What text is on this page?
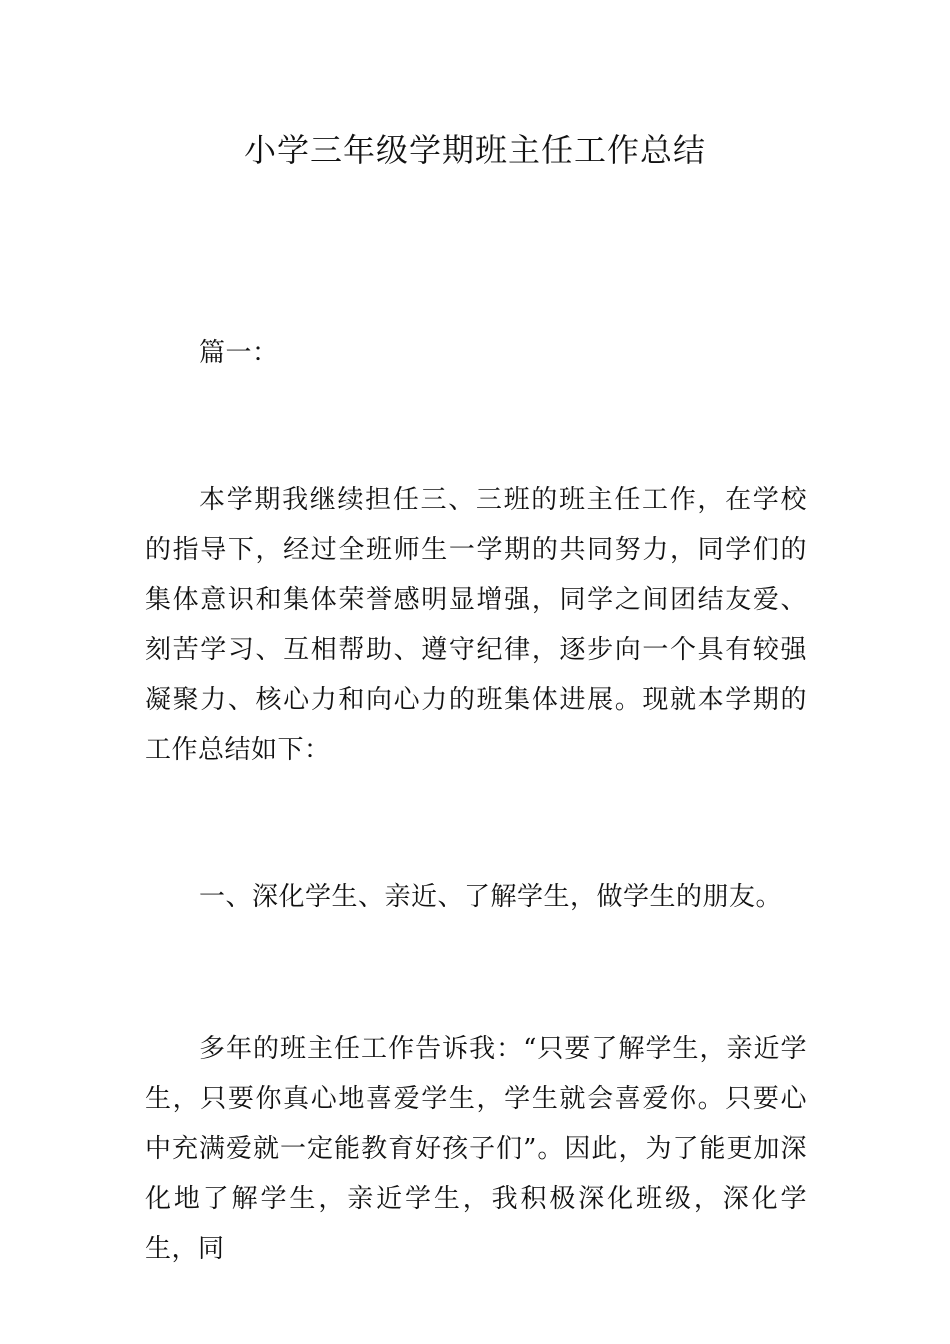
小学三年级学期班主任工作总结

篇一：

本学期我继续担任三、三班的班主任工作，在学校的指导下，经过全班师生一学期的共同努力，同学们的集体意识和集体荣誉感明显增强，同学之间团结友爱、刻苦学习、互相帮助、遵守纪律，逐步向一个具有较强凝聚力、核心力和向心力的班集体进展。现就本学期的工作总结如下：

一、深化学生、亲近、了解学生，做学生的朋友。

多年的班主任工作告诉我：“只要了解学生，亲近学生，只要你真心地喜爱学生，学生就会喜爱你。只要心中充满爱就一定能教育好孩子们”。因此，为了能更加深化地了解学生，亲近学生，我积极深化班级，深化学生，同
